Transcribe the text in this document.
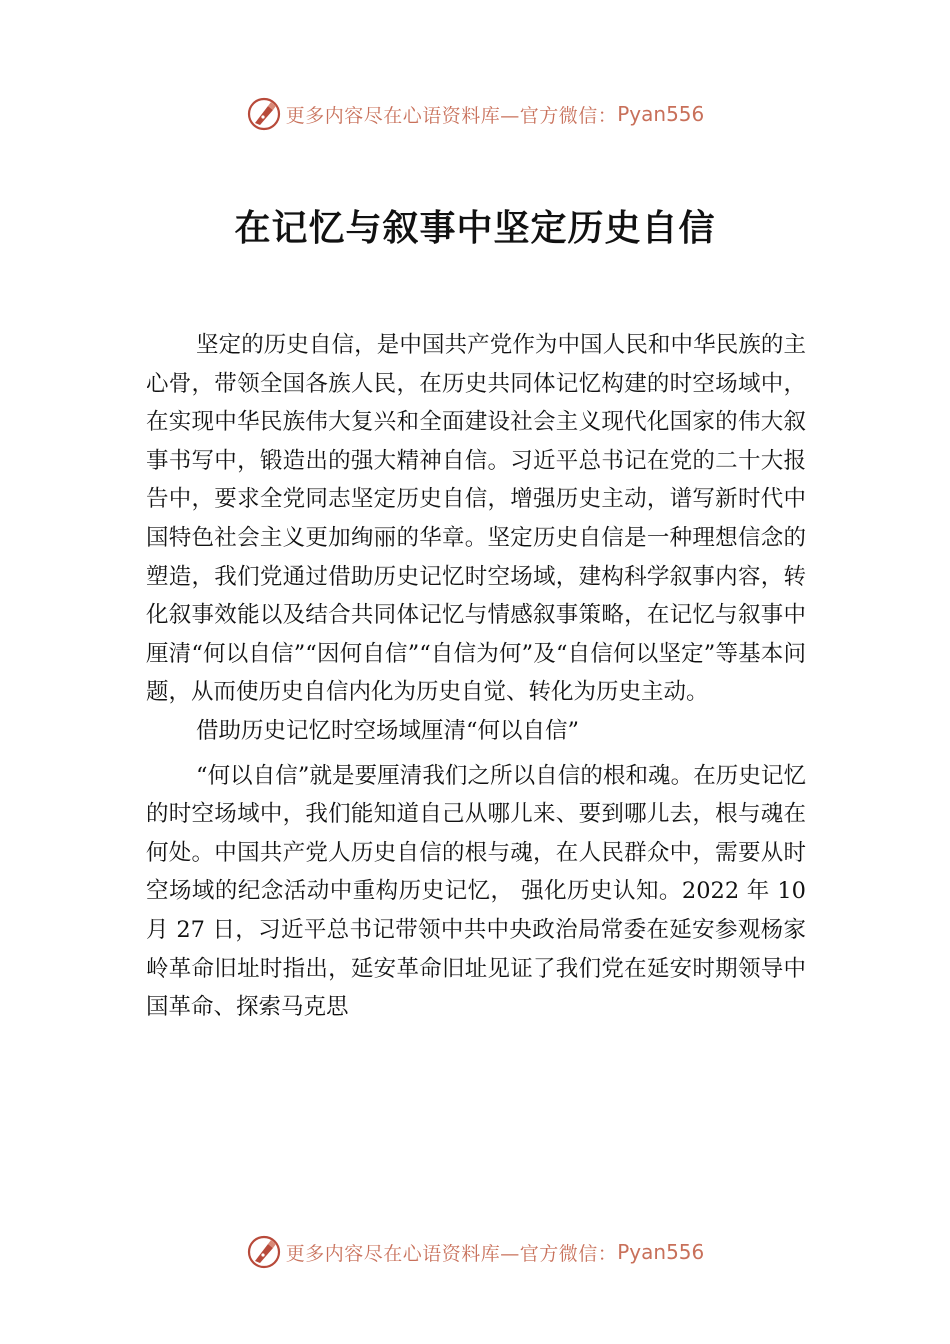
更多内容尽在心语资料库—官方微信： Pyan556
在记忆与叙事中坚定历史自信

坚定的历史自信，是中国共产党作为中国人民和中华民族的主心骨，带领全国各族人民，在历史共同体记忆构建的时空场域中，在实现中华民族伟大复兴和全面建设社会主义现代化国家的伟大叙事书写中，锻造出的强大精神自信。习近平总书记在党的二十大报告中，要求全党同志坚定历史自信，增强历史主动，谱写新时代中国特色社会主义更加绚丽的华章。坚定历史自信是一种理想信念的塑造，我们党通过借助历史记忆时空场域，建构科学叙事内容，转化叙事效能以及结合共同体记忆与情感叙事策略，在记忆与叙事中厘清“何以自信”“因何自信”“自信为何”及“自信何以坚定”等基本问题，从而使历史自信内化为历史自觉、转化为历史主动。

借助历史记忆时空场域厘清“何以自信”

“何以自信”就是要厘清我们之所以自信的根和魂。在历史记忆的时空场域中，我们能知道自己从哪儿来、要到哪儿去，根与魂在何处。中国共产党人历史自信的根与魂，在人民群众中，需要从时空场域的纪念活动中重构历史记忆， 强化历史认知。2022 年 10 月 27 日，习近平总书记带领中共中央政治局常委在延安参观杨家岭革命旧址时指出，延安革命旧址见证了我们党在延安时期领导中国革命、探索马克思

更多内容尽在心语资料库—官方微信： Pyan556
